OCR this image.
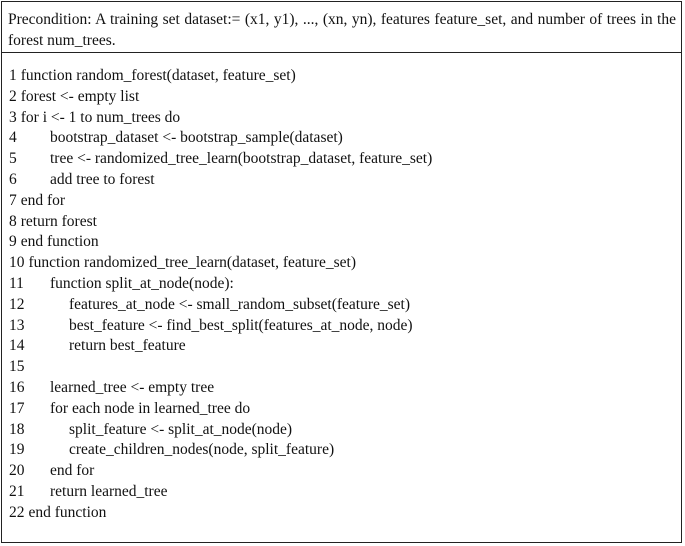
Precondition: A training set dataset:= (x1, y1), ..., (xn, yn), features feature_set, and number of trees in the forest num_trees.
1 function random_forest(dataset, feature_set)
2 forest <- empty list
3 for i <- 1 to num_trees do
4 bootstrap_dataset <- bootstrap_sample(dataset)
5 tree <- randomized_tree_learn(bootstrap_dataset, feature_set)
6 add tree to forest
7 end for
8 return forest
9 end function
10 function randomized_tree_learn(dataset, feature_set)
11 function split_at_node(node):
12	features_at_node <- small_random_subset(feature_set)
13	best_feature <- find_best_split(features_at_node, node)
14	return best_feature
15
16 learned_tree <- empty tree
17 for each node in learned_tree do
18	split_feature <- split_at_node(node)
19	create_children_nodes(node, split_feature)
20 end for
21 return learned_tree
22 end function
